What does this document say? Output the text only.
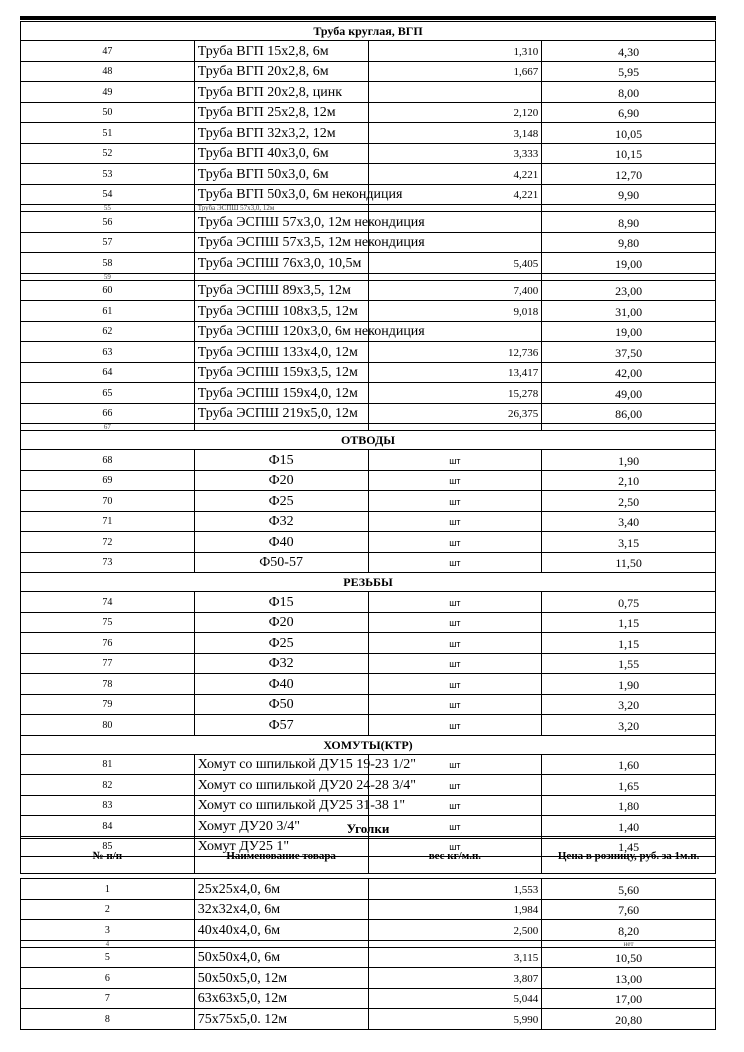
Труба круглая, ВГП			
47	Труба ВГП 15х2,8, 6м	1,310	4,30
48	Труба ВГП 20х2,8, 6м	1,667	5,95
49	Труба ВГП 20х2,8, цинк		8,00
50	Труба ВГП 25х2,8, 12м	2,120	6,90
51	Труба ВГП 32х3,2, 12м	3,148	10,05
52	Труба ВГП 40х3,0, 6м	3,333	10,15
53	Труба ВГП 50х3,0, 6м	4,221	12,70
54	Труба ВГП 50х3,0, 6м некондиция	4,221	9,90
55	Труба ЭСПШ 57х3,0, 12м		
56	Труба ЭСПШ 57х3,0, 12м некондиция		8,90
57	Труба ЭСПШ 57х3,5, 12м некондиция		9,80
58	Труба ЭСПШ 76х3,0, 10,5м	5,405	19,00
59			
60	Труба ЭСПШ 89х3,5, 12м	7,400	23,00
61	Труба ЭСПШ 108х3,5, 12м	9,018	31,00
62	Труба ЭСПШ 120х3,0, 6м некондиция		19,00
63	Труба ЭСПШ 133х4,0, 12м	12,736	37,50
64	Труба ЭСПШ 159х3,5, 12м	13,417	42,00
65	Труба ЭСПШ 159х4,0, 12м	15,278	49,00
66	Труба ЭСПШ 219х5,0, 12м	26,375	86,00
67			
ОТВОДЫ			
68	Ф15	шт	1,90
69	Ф20	шт	2,10
70	Ф25	шт	2,50
71	Ф32	шт	3,40
72	Ф40	шт	3,15
73	Ф50-57	шт	11,50
РЕЗЬБЫ			
74	Ф15	шт	0,75
75	Ф20	шт	1,15
76	Ф25	шт	1,15
77	Ф32	шт	1,55
78	Ф40	шт	1,90
79	Ф50	шт	3,20
80	Ф57	шт	3,20
ХОМУТЫ(КТР)			
81	Хомут со шпилькой ДУ15 19-23 1/2"	шт	1,60
82	Хомут со шпилькой ДУ20 24-28 3/4"	шт	1,65
83	Хомут со шпилькой ДУ25 31-38 1"	шт	1,80
84	Хомут ДУ20 3/4"	шт	1,40
85	Хомут ДУ25 1"	шт	1,45
Уголки			
№ п/п	Наименование товара	вес кг/м.п.	Цена в розницу, руб. за 1м.п.

1	25х25х4,0, 6м	1,553	5,60
2	32х32х4,0, 6м	1,984	7,60
3	40х40х4,0, 6м	2,500	8,20
4			нет
5	50х50х4,0, 6м	3,115	10,50
6	50х50х5,0, 12м	3,807	13,00
7	63х63х5,0, 12м	5,044	17,00
8	75х75х5,0. 12м	5,990	20,80
